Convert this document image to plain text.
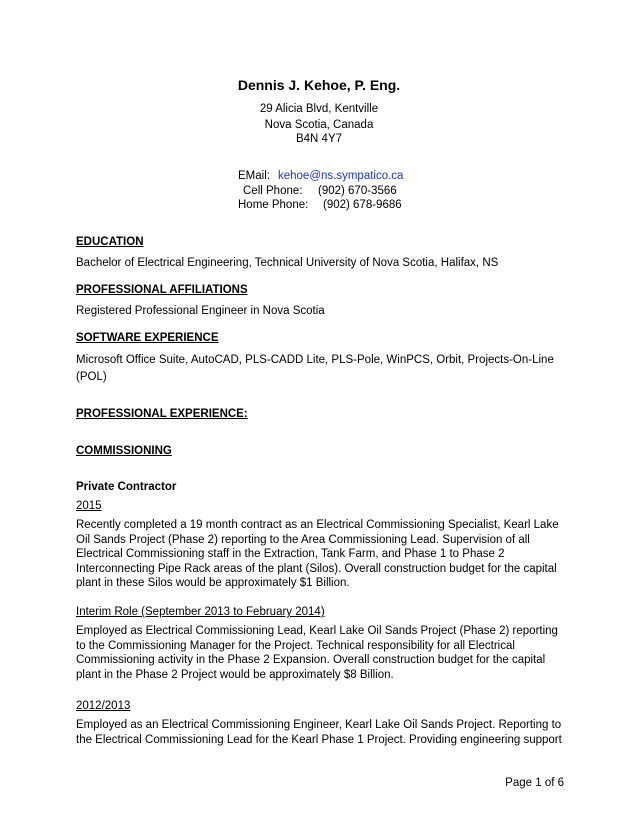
Dennis J. Kehoe, P. Eng.

29 Alicia Blvd, Kentville

Nova Scotia, Canada

B4N 4Y7

EMail: kehoe@ns.sympatico.ca

Cell Phone: (902) 670-3566

Home Phone: (902) 678-9686

EDUCATION

Bachelor of Electrical Engineering, Technical University of Nova Scotia, Halifax, NS

PROFESSIONAL AFFILIATIONS

Registered Professional Engineer in Nova Scotia

SOFTWARE EXPERIENCE

Microsoft Office Suite, AutoCAD, PLS-CADD Lite, PLS-Pole, WinPCS, Orbit, Projects-On-Line (POL)

PROFESSIONAL EXPERIENCE:

COMMISSIONING

Private Contractor

2015

Recently completed a 19 month contract as an Electrical Commissioning Specialist, Kearl Lake Oil Sands Project (Phase 2) reporting to the Area Commissioning Lead. Supervision of all Electrical Commissioning staff in the Extraction, Tank Farm, and Phase 1 to Phase 2 Interconnecting Pipe Rack areas of the plant (Silos). Overall construction budget for the capital plant in these Silos would be approximately $1 Billion.

Interim Role (September 2013 to February 2014)

Employed as Electrical Commissioning Lead, Kearl Lake Oil Sands Project (Phase 2) reporting to the Commissioning Manager for the Project. Technical responsibility for all Electrical Commissioning activity in the Phase 2 Expansion. Overall construction budget for the capital plant in the Phase 2 Project would be approximately $8 Billion.

2012/2013

Employed as an Electrical Commissioning Engineer, Kearl Lake Oil Sands Project. Reporting to the Electrical Commissioning Lead for the Kearl Phase 1 Project. Providing engineering support

Page 1 of 6
